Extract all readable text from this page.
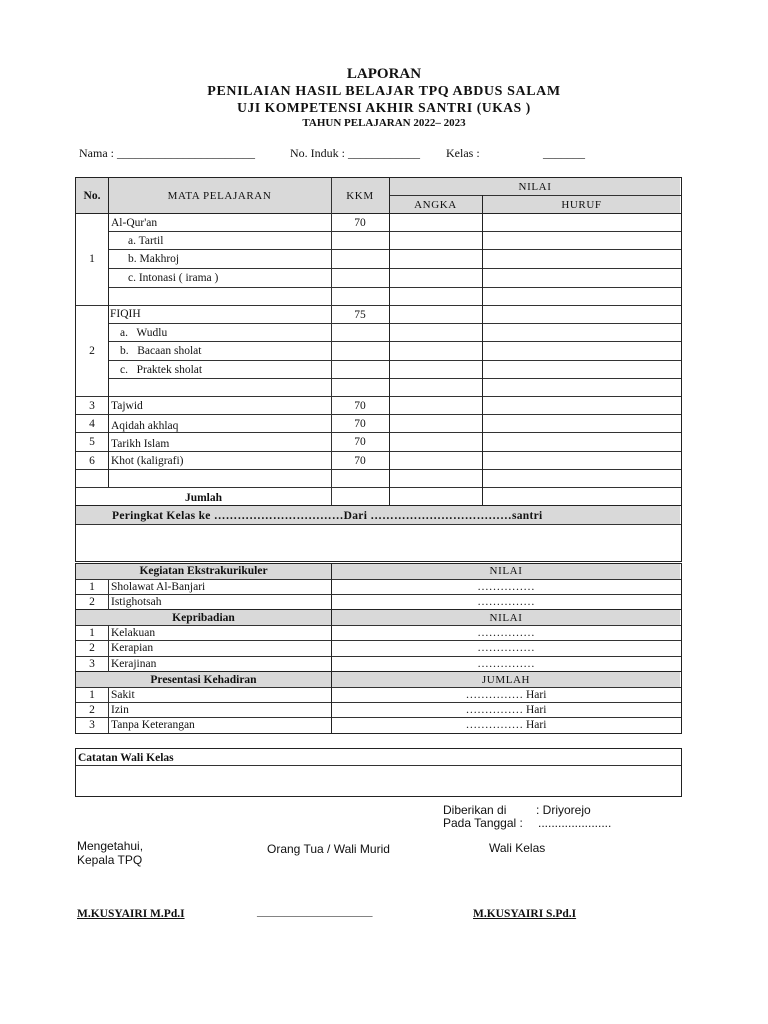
LAPORAN
PENILAIAN HASIL BELAJAR TPQ ABDUS SALAM
UJI KOMPETENSI AKHIR SANTRI (UKAS )
TAHUN PELAJARAN 2022– 2023
Nama : _______________________	No. Induk : ____________ Kelas :	_______
No.	MATA PELAJARAN	KKM
NILAI
ANGKA	HURUF
1
Al-Qur'an	70
a. Tartil
b. Makhroj
c. Intonasi ( irama )
2
FIQIH	75
a.   Wudlu
b.   Bacaan sholat
c.   Praktek sholat
3	Tajwid	70
4	Aqidah akhlaq	70
5	Tarikh Islam	70
6	Khot (kaligrafi)	70
Jumlah
Peringkat Kelas ke ……………………………Dari ………………………………santri
Kegiatan Ekstrakurikuler	NILAI
1	Sholawat Al-Banjari	……………
2	Istighotsah	……………
Kepribadian	NILAI
1	Kelakuan	……………
2	Kerapian	……………
3	Kerajinan	……………
Presentasi Kehadiran	JUMLAH
1	Sakit	…………… Hari
2	Izin	…………… Hari
3	Tanpa Keterangan	…………… Hari
Catatan Wali Kelas
Diberikan di : Driyorejo
Pada Tanggal : ......................
Mengetahui,
Kepala TPQ
Orang Tua / Wali Murid	Wali Kelas
M.KUSYAIRI M.Pd.I	_____________________	M.KUSYAIRI S.Pd.I
